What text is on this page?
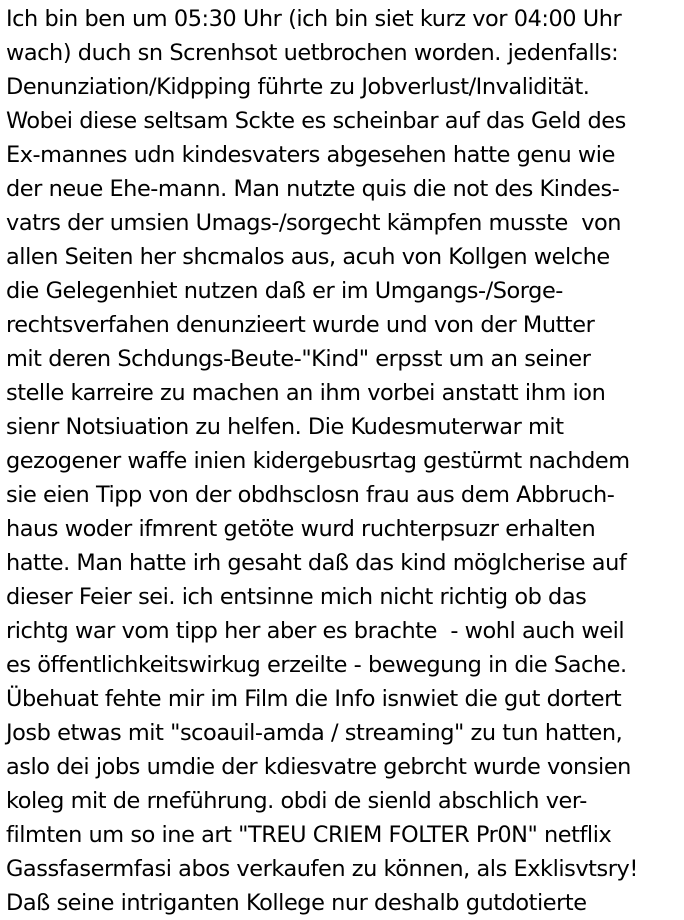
Ich bin ben um 05:30 Uhr (ich bin siet kurz vor 04:00 Uhr
wach) duch sn Screnhsot uetbrochen worden. jedenfalls:
Denunziation/Kidpping führte zu Jobverlust/Invalidität.
Wobei diese seltsam Sckte es scheinbar auf das Geld des
Ex-mannes udn kindesvaters abgesehen hatte genu wie
der neue Ehe-mann. Man nutzte quis die not des Kindes-
vatrs der umsien Umags-/sorgecht kämpfen musste  von
allen Seiten her shcmalos aus, acuh von Kollgen welche
die Gelegenhiet nutzen daß er im Umgangs-/Sorge-
rechtsverfahen denunzieert wurde und von der Mutter
mit deren Schdungs-Beute-"Kind" erpsst um an seiner
stelle karreire zu machen an ihm vorbei anstatt ihm ion
sienr Notsiuation zu helfen. Die Kudesmuterwar mit
gezogener waffe inien kidergebusrtag gestürmt nachdem
sie eien Tipp von der obdhsclosn frau aus dem Abbruch-
haus woder ifmrent getöte wurd ruchterpsuzr erhalten
hatte. Man hatte irh gesaht daß das kind möglcherise auf
dieser Feier sei. ich entsinne mich nicht richtig ob das
richtg war vom tipp her aber es brachte  - wohl auch weil
es öffentlichkeitswirkug erzeilte - bewegung in die Sache.
Übehuat fehte mir im Film die Info isnwiet die gut dortert
Josb etwas mit "scoauil-amda / streaming" zu tun hatten,
aslo dei jobs umdie der kdiesvatre gebrcht wurde vonsien
koleg mit de rneführung. obdi de sienld abschlich ver-
filmten um so ine art "TREU CRIEM FOLTER Pr0N" netflix
Gassfasermfasi abos verkaufen zu können, als Exklisvtsry!
Daß seine intriganten Kollege nur deshalb gutdotierte
